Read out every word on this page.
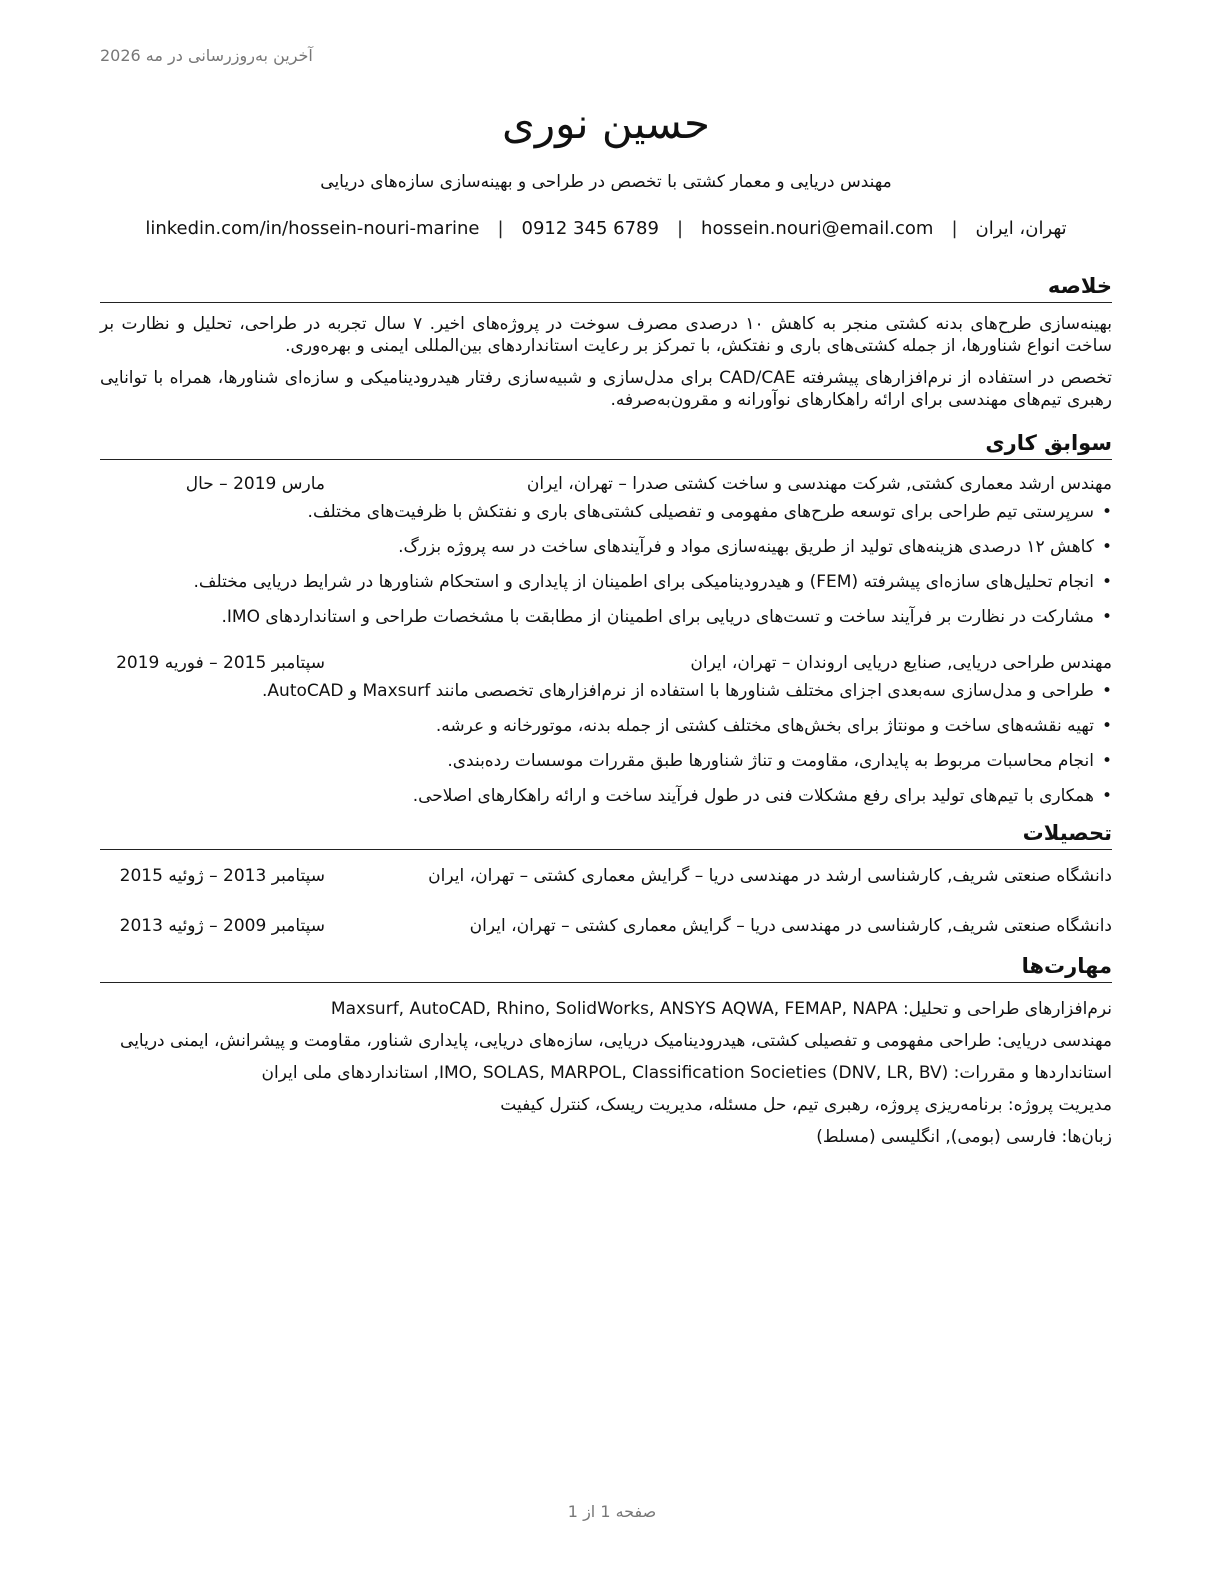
آخرین به‌روزرسانی در مه 2026
حسین نوری
مهندس دریایی و معمار کشتی با تخصص در طراحی و بهینه‌سازی سازه‌های دریایی
تهران، ایران
|
hossein.nouri@email.com
|
0912 345 6789
|
linkedin.com/in/hossein-nouri-marine
خلاصه

بهینه‌سازی طرح‌های بدنه کشتی منجر به کاهش ۱۰ درصدی مصرف سوخت در پروژه‌های اخیر. ۷ سال تجربه در طراحی، تحلیل و نظارت بر ساخت انواع شناورها، از جمله کشتی‌های باری و نفتکش، با تمرکز بر رعایت استانداردهای بین‌المللی ایمنی و بهره‌وری.

تخصص در استفاده از نرم‌افزارهای پیشرفته CAD/CAE برای مدل‌سازی و شبیه‌سازی رفتار هیدرودینامیکی و سازه‌ای شناورها، همراه با توانایی رهبری تیم‌های مهندسی برای ارائه راهکارهای نوآورانه و مقرون‌به‌صرفه.

سوابق کاری
مهندس ارشد معماری کشتی, شرکت مهندسی و ساخت کشتی صدرا – تهران، ایران
مارس 2019 – حال
• سرپرستی تیم طراحی برای توسعه طرح‌های مفهومی و تفصیلی کشتی‌های باری و نفتکش با ظرفیت‌های مختلف.
• کاهش ۱۲ درصدی هزینه‌های تولید از طریق بهینه‌سازی مواد و فرآیندهای ساخت در سه پروژه بزرگ.
• انجام تحلیل‌های سازه‌ای پیشرفته (FEM) و هیدرودینامیکی برای اطمینان از پایداری و استحکام شناورها در شرایط دریایی مختلف.
• مشارکت در نظارت بر فرآیند ساخت و تست‌های دریایی برای اطمینان از مطابقت با مشخصات طراحی و استانداردهای IMO.
مهندس طراحی دریایی, صنایع دریایی اروندان – تهران، ایران
سپتامبر 2015 – فوریه 2019
• طراحی و مدل‌سازی سه‌بعدی اجزای مختلف شناورها با استفاده از نرم‌افزارهای تخصصی مانند Maxsurf و AutoCAD.
• تهیه نقشه‌های ساخت و مونتاژ برای بخش‌های مختلف کشتی از جمله بدنه، موتورخانه و عرشه.
• انجام محاسبات مربوط به پایداری، مقاومت و تناژ شناورها طبق مقررات موسسات رده‌بندی.
• همکاری با تیم‌های تولید برای رفع مشکلات فنی در طول فرآیند ساخت و ارائه راهکارهای اصلاحی.
تحصیلات
دانشگاه صنعتی شریف, کارشناسی ارشد در مهندسی دریا – گرایش معماری کشتی – تهران، ایران
سپتامبر 2013 – ژوئیه 2015
دانشگاه صنعتی شریف, کارشناسی در مهندسی دریا – گرایش معماری کشتی – تهران، ایران
سپتامبر 2009 – ژوئیه 2013
مهارت‌ها
نرم‌افزارهای طراحی و تحلیل: Maxsurf, AutoCAD, Rhino, SolidWorks, ANSYS AQWA, FEMAP, NAPA
مهندسی دریایی: طراحی مفهومی و تفصیلی کشتی، هیدرودینامیک دریایی، سازه‌های دریایی، پایداری شناور، مقاومت و پیشرانش، ایمنی دریایی
استانداردها و مقررات: IMO, SOLAS, MARPOL, Classification Societies (DNV, LR, BV), استانداردهای ملی ایران
مدیریت پروژه: برنامه‌ریزی پروژه، رهبری تیم، حل مسئله، مدیریت ریسک، کنترل کیفیت
زبان‌ها: فارسی (بومی), انگلیسی (مسلط)
صفحه 1 از 1
